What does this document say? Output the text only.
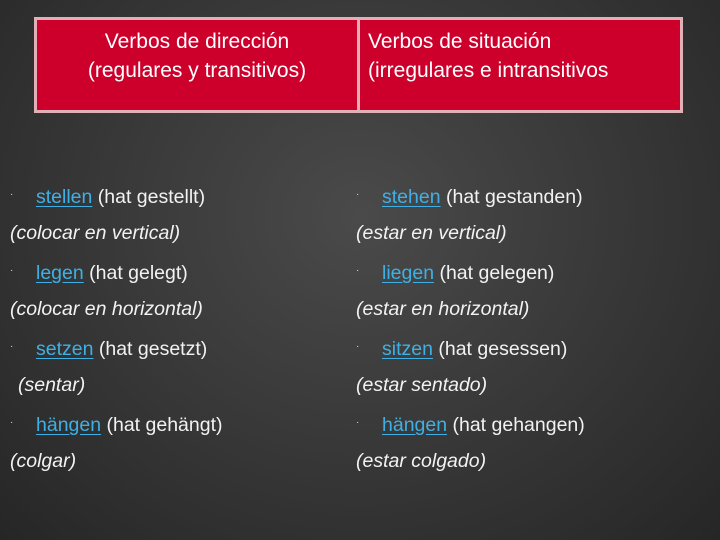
Verbos de dirección
(regulares y transitivos)
Verbos de situación
(irregulares e intransitivos
· stellen (hat gestellt)
(colocar en vertical)
· legen (hat gelegt)
(colocar en horizontal)
· setzen (hat gesetzt)
(sentar)
· hängen (hat gehängt)
(colgar)
· stehen (hat gestanden)
(estar en vertical)
· liegen (hat gelegen)
(estar en horizontal)
· sitzen (hat gesessen)
(estar sentado)
· hängen (hat gehangen)
(estar colgado)
